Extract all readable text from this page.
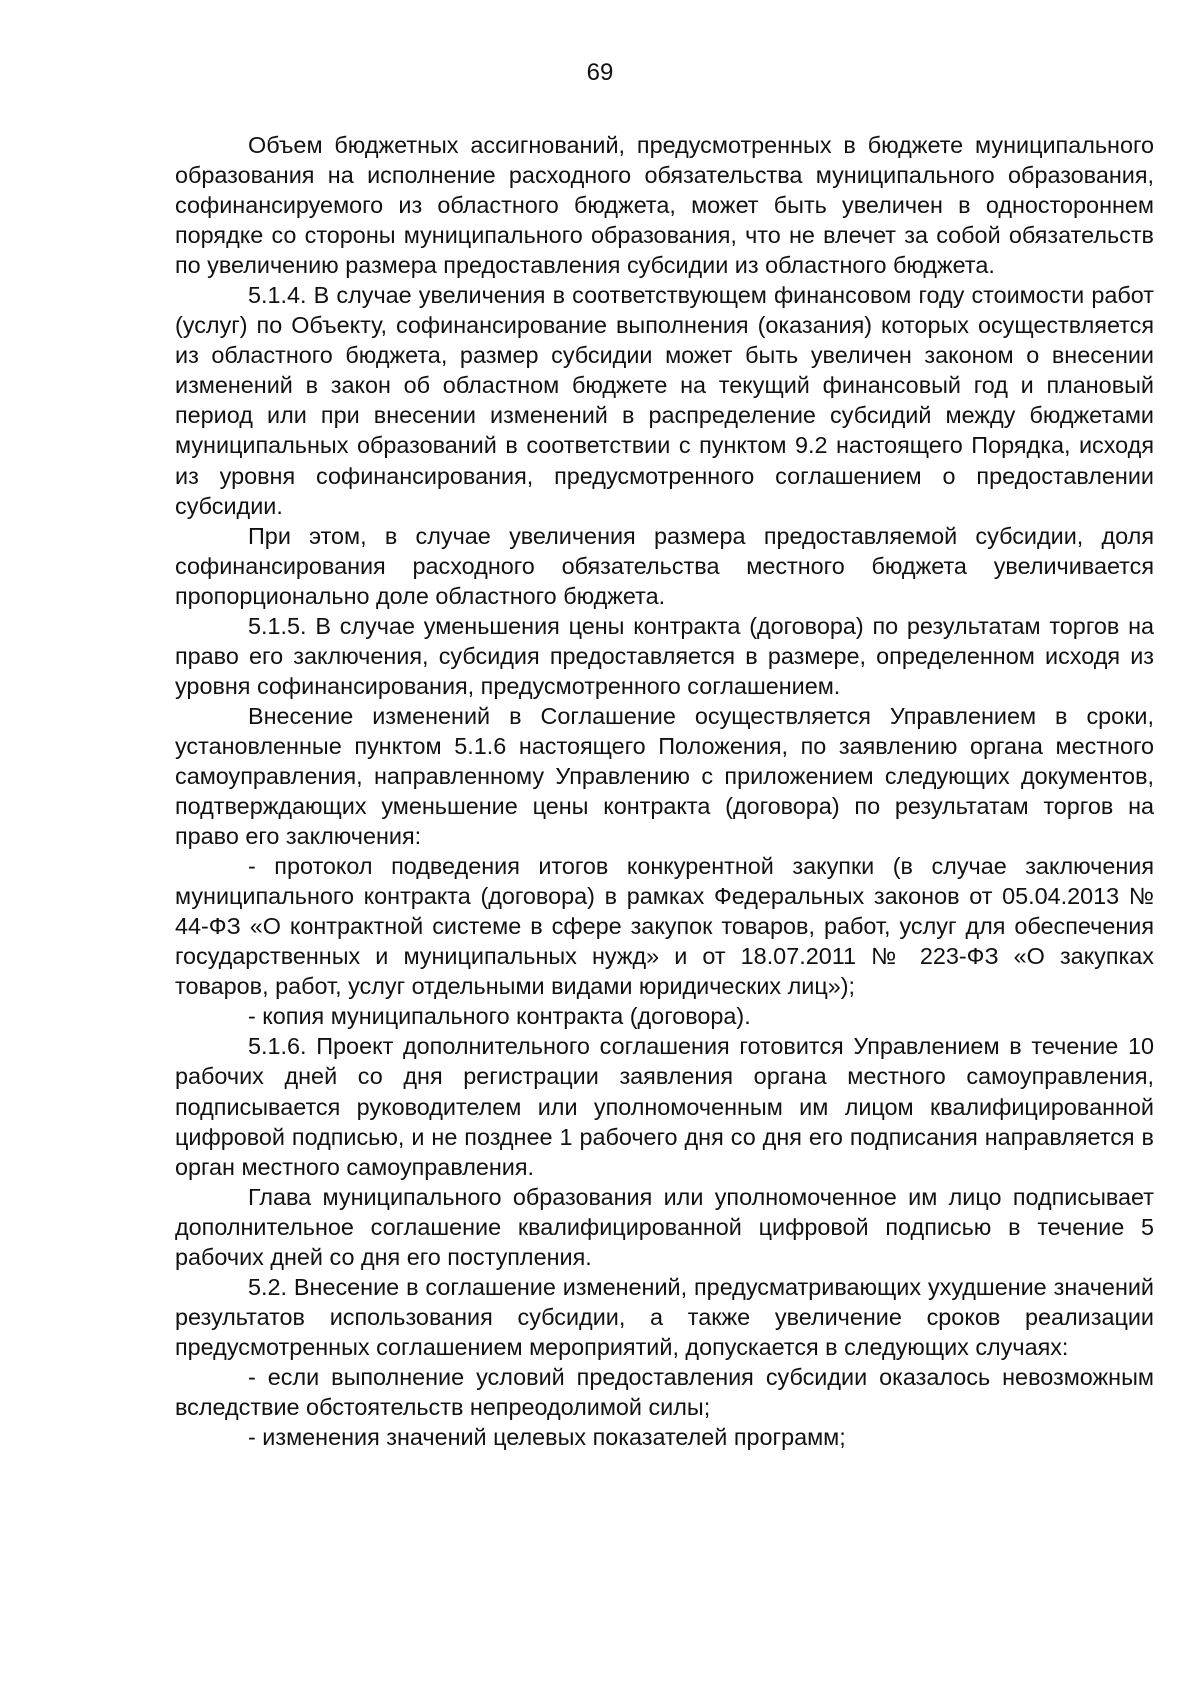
69

Объем бюджетных ассигнований, предусмотренных в бюджете муниципального образования на исполнение расходного обязательства муниципального образования, софинансируемого из областного бюджета, может быть увеличен в одностороннем порядке со стороны муниципального образования, что не влечет за собой обязательств по увеличению размера предоставления субсидии из областного бюджета.

5.1.4. В случае увеличения в соответствующем финансовом году стоимости работ (услуг) по Объекту, софинансирование выполнения (оказания) которых осуществляется из областного бюджета, размер субсидии может быть увеличен законом о внесении изменений в закон об областном бюджете на текущий финансовый год и плановый период или при внесении изменений в распределение субсидий между бюджетами муниципальных образований в соответствии с пунктом 9.2 настоящего Порядка, исходя из уровня софинансирования, предусмотренного соглашением о предоставлении субсидии.

При этом, в случае увеличения размера предоставляемой субсидии, доля софинансирования расходного обязательства местного бюджета увеличивается пропорционально доле областного бюджета.

5.1.5. В случае уменьшения цены контракта (договора) по результатам торгов на право его заключения, субсидия предоставляется в размере, определенном исходя из уровня софинансирования, предусмотренного соглашением.

Внесение изменений в Соглашение осуществляется Управлением в сроки, установленные пунктом 5.1.6 настоящего Положения, по заявлению органа местного самоуправления, направленному Управлению с приложением следующих документов, подтверждающих уменьшение цены контракта (договора) по результатам торгов на право его заключения:

- протокол подведения итогов конкурентной закупки (в случае заключения муниципального контракта (договора) в рамках Федеральных законов от 05.04.2013 № 44-ФЗ «О контрактной системе в сфере закупок товаров, работ, услуг для обеспечения государственных и муниципальных нужд» и от 18.07.2011 № 223-ФЗ «О закупках товаров, работ, услуг отдельными видами юридических лиц»);

- копия муниципального контракта (договора).

5.1.6. Проект дополнительного соглашения готовится Управлением в течение 10 рабочих дней со дня регистрации заявления органа местного самоуправления, подписывается руководителем или уполномоченным им лицом квалифицированной цифровой подписью, и не позднее 1 рабочего дня со дня его подписания направляется в орган местного самоуправления.

Глава муниципального образования или уполномоченное им лицо подписывает дополнительное соглашение квалифицированной цифровой подписью в течение 5 рабочих дней со дня его поступления.

5.2. Внесение в соглашение изменений, предусматривающих ухудшение значений результатов использования субсидии, а также увеличение сроков реализации предусмотренных соглашением мероприятий, допускается в следующих случаях:

- если выполнение условий предоставления субсидии оказалось невозможным вследствие обстоятельств непреодолимой силы;

- изменения значений целевых показателей программ;
